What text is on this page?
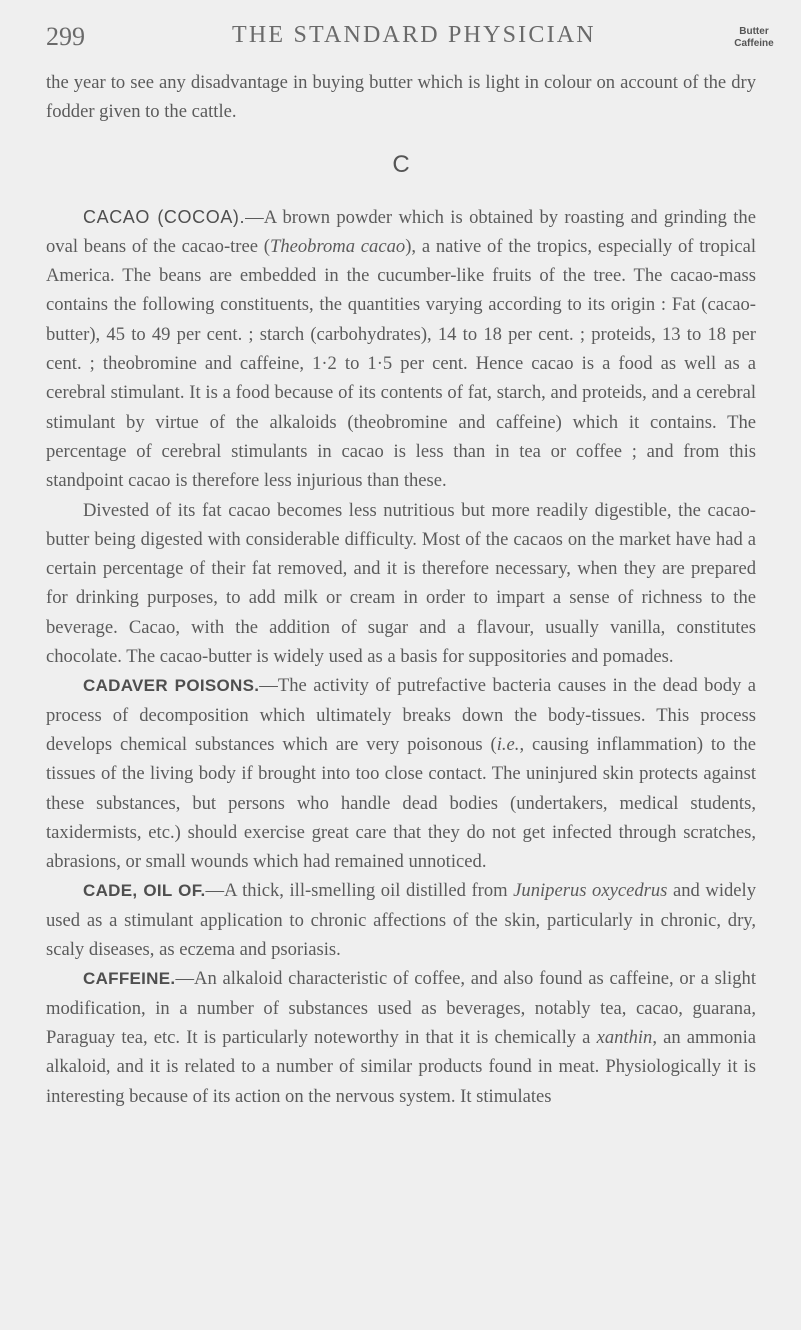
299	THE STANDARD PHYSICIAN	Butter
Caffeine

the year to see any disadvantage in buying butter which is light in colour on account of the dry fodder given to the cattle.

C

CACAO (COCOA).—A brown powder which is obtained by roasting and grinding the oval beans of the cacao-tree (Theobroma cacao), a native of the tropics, especially of tropical America. The beans are embedded in the cucumber-like fruits of the tree. The cacao-mass contains the following constituents, the quantities varying according to its origin : Fat (cacao-butter), 45 to 49 per cent. ; starch (carbohydrates), 14 to 18 per cent. ; proteids, 13 to 18 per cent. ; theobromine and caffeine, 1·2 to 1·5 per cent. Hence cacao is a food as well as a cerebral stimulant. It is a food because of its contents of fat, starch, and proteids, and a cerebral stimulant by virtue of the alkaloids (theobromine and caffeine) which it contains. The percentage of cerebral stimulants in cacao is less than in tea or coffee ; and from this standpoint cacao is therefore less injurious than these.

Divested of its fat cacao becomes less nutritious but more readily digestible, the cacao-butter being digested with considerable difficulty. Most of the cacaos on the market have had a certain percentage of their fat removed, and it is therefore necessary, when they are prepared for drinking purposes, to add milk or cream in order to impart a sense of richness to the beverage. Cacao, with the addition of sugar and a flavour, usually vanilla, constitutes chocolate. The cacao-butter is widely used as a basis for suppositories and pomades.

CADAVER POISONS.—The activity of putrefactive bacteria causes in the dead body a process of decomposition which ultimately breaks down the body-tissues. This process develops chemical substances which are very poisonous (i.e., causing inflammation) to the tissues of the living body if brought into too close contact. The uninjured skin protects against these substances, but persons who handle dead bodies (undertakers, medical students, taxidermists, etc.) should exercise great care that they do not get infected through scratches, abrasions, or small wounds which had remained unnoticed.

CADE, OIL OF.—A thick, ill-smelling oil distilled from Juniperus oxycedrus and widely used as a stimulant application to chronic affections of the skin, particularly in chronic, dry, scaly diseases, as eczema and psoriasis.

CAFFEINE.—An alkaloid characteristic of coffee, and also found as caffeine, or a slight modification, in a number of substances used as beverages, notably tea, cacao, guarana, Paraguay tea, etc. It is particularly noteworthy in that it is chemically a xanthin, an ammonia alkaloid, and it is related to a number of similar products found in meat. Physiologically it is interesting because of its action on the nervous system. It stimulates
